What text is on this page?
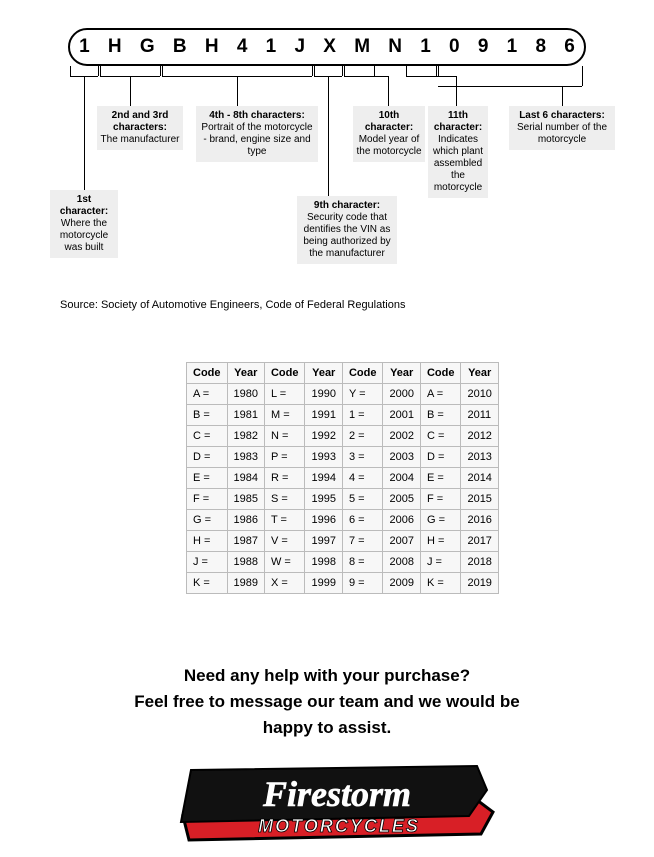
1 H G B H 4 1 J X M N 1 0 9 1 8 6
1st character:
Where the motorcycle was built
2nd and 3rd characters:
The manufacturer
4th - 8th characters:
Portrait of the motorcycle - brand, engine size and type
9th character:
Security code that dentifies the VIN as being authorized by the manufacturer
10th character:
Model year of the motorcycle
11th character:
Indicates which plant assembled the motorcycle
Last 6 characters:
Serial number of the motorcycle
Source: Society of Automotive Engineers, Code of Federal Regulations
Code	Year	Code	Year	Code	Year	Code	Year
A =	1980	L =	1990	Y =	2000	A =	2010
B =	1981	M =	1991	1 =	2001	B =	2011
C =	1982	N =	1992	2 =	2002	C =	2012
D =	1983	P =	1993	3 =	2003	D =	2013
E =	1984	R =	1994	4 =	2004	E =	2014
F =	1985	S =	1995	5 =	2005	F =	2015
G =	1986	T =	1996	6 =	2006	G =	2016
H =	1987	V =	1997	7 =	2007	H =	2017
J =	1988	W =	1998	8 =	2008	J =	2018
K =	1989	X =	1999	9 =	2009	K =	2019
Need any help with your purchase?
Feel free to message our team and we would be
happy to assist.
Firestorm
MOTORCYCLES
